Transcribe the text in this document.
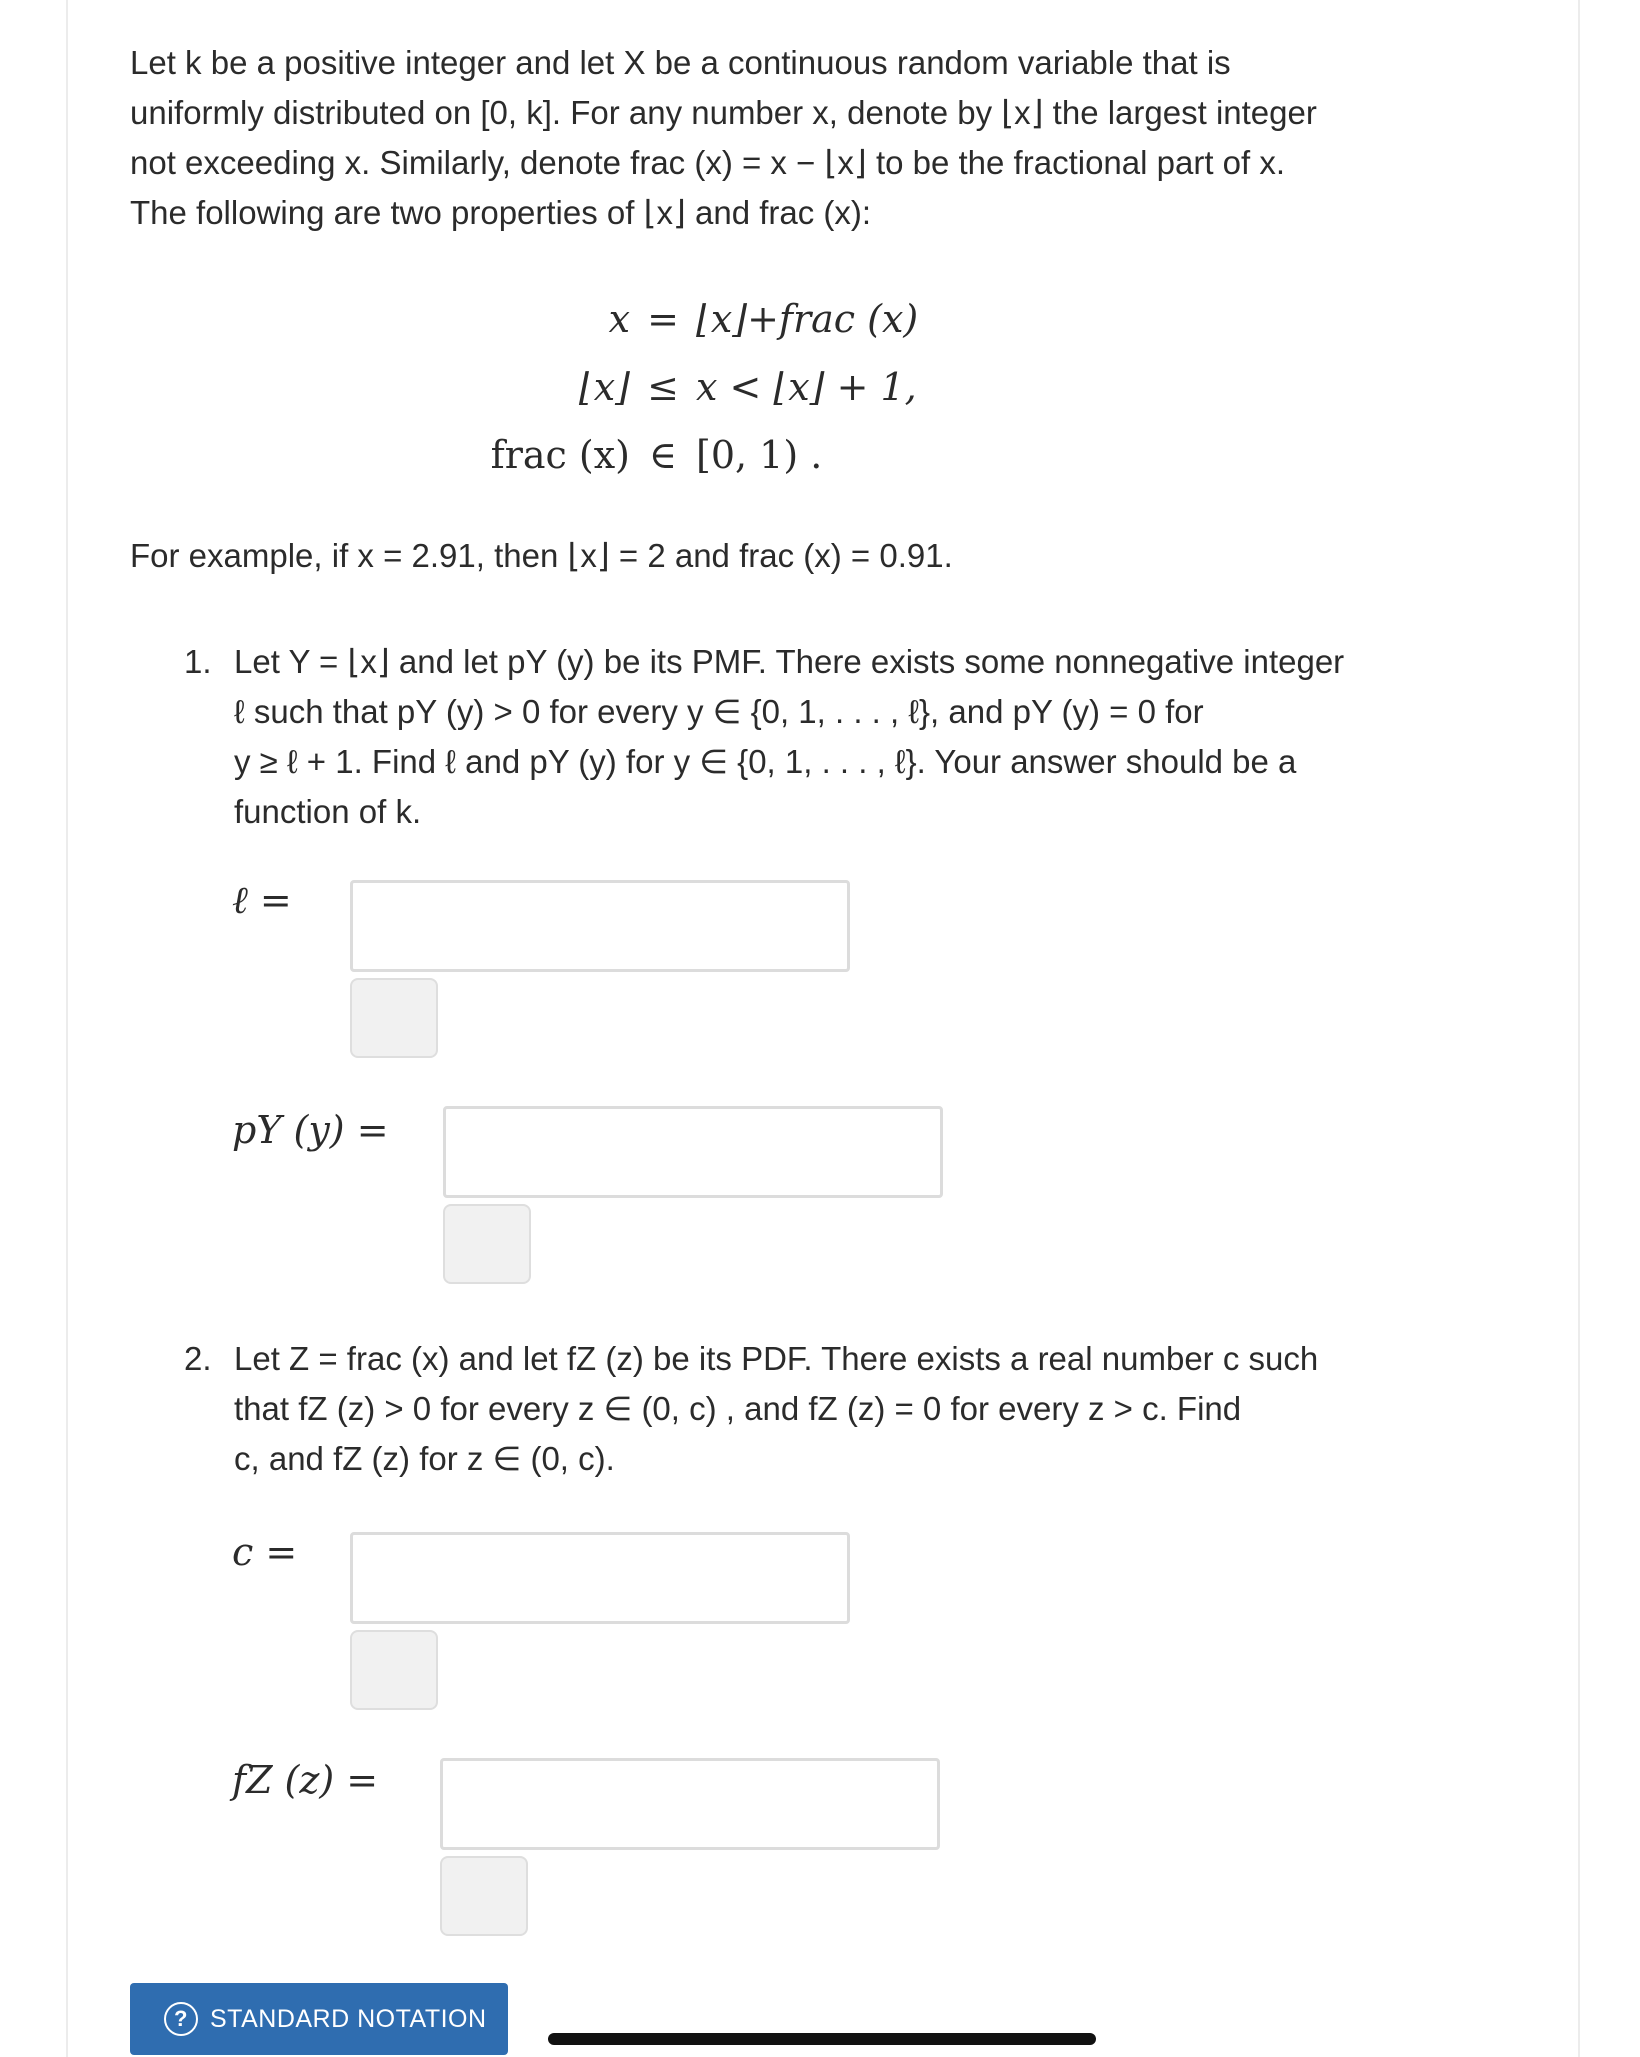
Let k be a positive integer and let X be a continuous random variable that is
uniformly distributed on [0, k]. For any number x, denote by ⌊x⌋ the largest integer
not exceeding x. Similarly, denote frac (x) = x − ⌊x⌋ to be the fractional part of x.
The following are two properties of ⌊x⌋ and frac (x):
x = ⌊x⌋+frac (x)
⌊x⌋ ≤ x < ⌊x⌋ + 1,
frac (x) ∈ [0, 1) .
For example, if x = 2.91, then ⌊x⌋ = 2 and frac (x) = 0.91.
1. Let Y = ⌊x⌋ and let pY (y) be its PMF. There exists some nonnegative integer
ℓ such that pY (y) > 0 for every y ∈ {0, 1, . . . , ℓ}, and pY (y) = 0 for
y ≥ ℓ + 1. Find ℓ and pY (y) for y ∈ {0, 1, . . . , ℓ}. Your answer should be a
function of k.
ℓ =
pY (y) =
2. Let Z = frac (x) and let fZ (z) be its PDF. There exists a real number c such
that fZ (z) > 0 for every z ∈ (0, c) , and fZ (z) = 0 for every z > c. Find
c, and fZ (z) for z ∈ (0, c).
c =
fZ (z) =
? STANDARD NOTATION
